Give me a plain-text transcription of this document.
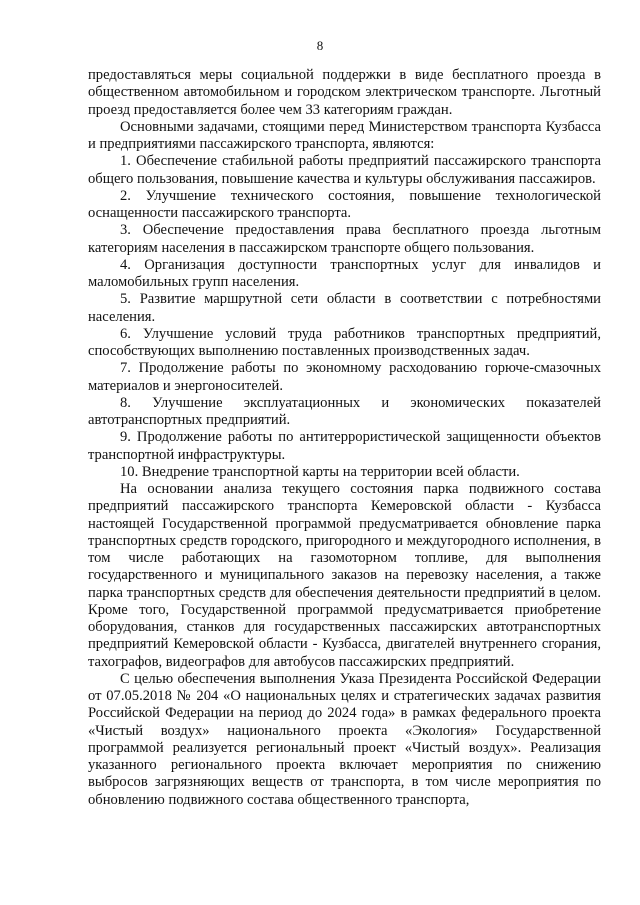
8

предоставляться меры социальной поддержки в виде бесплатного проезда в общественном автомобильном и городском электрическом транспорте. Льготный проезд предоставляется более чем 33 категориям граждан.

Основными задачами, стоящими перед Министерством транспорта Кузбасса и предприятиями пассажирского транспорта, являются:

1. Обеспечение стабильной работы предприятий пассажирского транспорта общего пользования, повышение качества и культуры обслуживания пассажиров.

2. Улучшение технического состояния, повышение технологической оснащенности пассажирского транспорта.

3. Обеспечение предоставления права бесплатного проезда льготным категориям населения в пассажирском транспорте общего пользования.

4. Организация доступности транспортных услуг для инвалидов и маломобильных групп населения.

5. Развитие маршрутной сети области в соответствии с потребностями населения.

6. Улучшение условий труда работников транспортных предприятий, способствующих выполнению поставленных производственных задач.

7. Продолжение работы по экономному расходованию горюче-смазочных материалов и энергоносителей.

8. Улучшение эксплуатационных и экономических показателей автотранспортных предприятий.

9. Продолжение работы по антитеррористической защищенности объектов транспортной инфраструктуры.

10. Внедрение транспортной карты на территории всей области.

На основании анализа текущего состояния парка подвижного состава предприятий пассажирского транспорта Кемеровской области - Кузбасса настоящей Государственной программой предусматривается обновление парка транспортных средств городского, пригородного и междугородного исполнения, в том числе работающих на газомоторном топливе, для выполнения государственного и муниципального заказов на перевозку населения, а также парка транспортных средств для обеспечения деятельности предприятий в целом. Кроме того, Государственной программой предусматривается приобретение оборудования, станков для государственных пассажирских автотранспортных предприятий Кемеровской области - Кузбасса, двигателей внутреннего сгорания, тахографов, видеографов для автобусов пассажирских предприятий.

С целью обеспечения выполнения Указа Президента Российской Федерации от 07.05.2018 № 204 «О национальных целях и стратегических задачах развития Российской Федерации на период до 2024 года» в рамках федерального проекта «Чистый воздух» национального проекта «Экология» Государственной программой реализуется региональный проект «Чистый воздух». Реализация указанного регионального проекта включает мероприятия по снижению выбросов загрязняющих веществ от транспорта, в том числе мероприятия по обновлению подвижного состава общественного транспорта,
